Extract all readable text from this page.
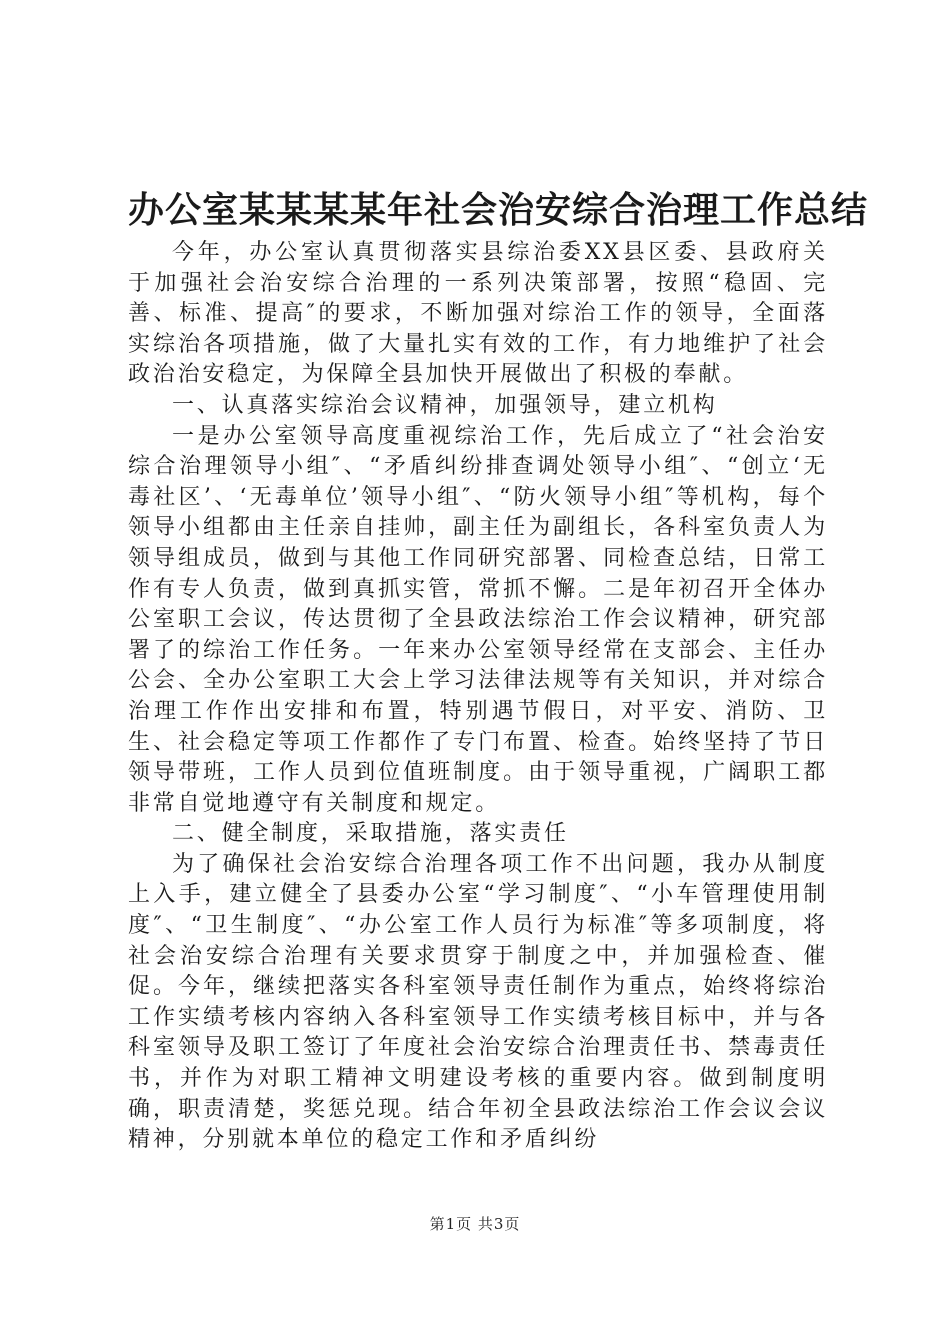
办公室某某某某年社会治安综合治理工作总结

今年，办公室认真贯彻落实县综治委XX县区委、县政府关于加强社会治安综合治理的一系列决策部署，按照“稳固、完善、标准、提高″的要求，不断加强对综治工作的领导，全面落实综治各项措施，做了大量扎实有效的工作，有力地维护了社会政治治安稳定，为保障全县加快开展做出了积极的奉献。

一、认真落实综治会议精神，加强领导，建立机构

一是办公室领导高度重视综治工作，先后成立了“社会治安综合治理领导小组″、“矛盾纠纷排查调处领导小组″、“创立‘无毒社区’、‘无毒单位’领导小组″、“防火领导小组″等机构，每个领导小组都由主任亲自挂帅，副主任为副组长，各科室负责人为领导组成员，做到与其他工作同研究部署、同检查总结，日常工作有专人负责，做到真抓实管，常抓不懈。二是年初召开全体办公室职工会议，传达贯彻了全县政法综治工作会议精神，研究部署了的综治工作任务。一年来办公室领导经常在支部会、主任办公会、全办公室职工大会上学习法律法规等有关知识，并对综合治理工作作出安排和布置，特别遇节假日，对平安、消防、卫生、社会稳定等项工作都作了专门布置、检查。始终坚持了节日领导带班，工作人员到位值班制度。由于领导重视，广阔职工都非常自觉地遵守有关制度和规定。

二、健全制度，采取措施，落实责任

为了确保社会治安综合治理各项工作不出问题，我办从制度上入手，建立健全了县委办公室“学习制度″、“小车管理使用制度″、“卫生制度″、“办公室工作人员行为标准″等多项制度，将社会治安综合治理有关要求贯穿于制度之中，并加强检查、催促。今年，继续把落实各科室领导责任制作为重点，始终将综治工作实绩考核内容纳入各科室领导工作实绩考核目标中，并与各科室领导及职工签订了年度社会治安综合治理责任书、禁毒责任书，并作为对职工精神文明建设考核的重要内容。做到制度明确，职责清楚，奖惩兑现。结合年初全县政法综治工作会议会议精神，分别就本单位的稳定工作和矛盾纠纷

第1页 共3页
